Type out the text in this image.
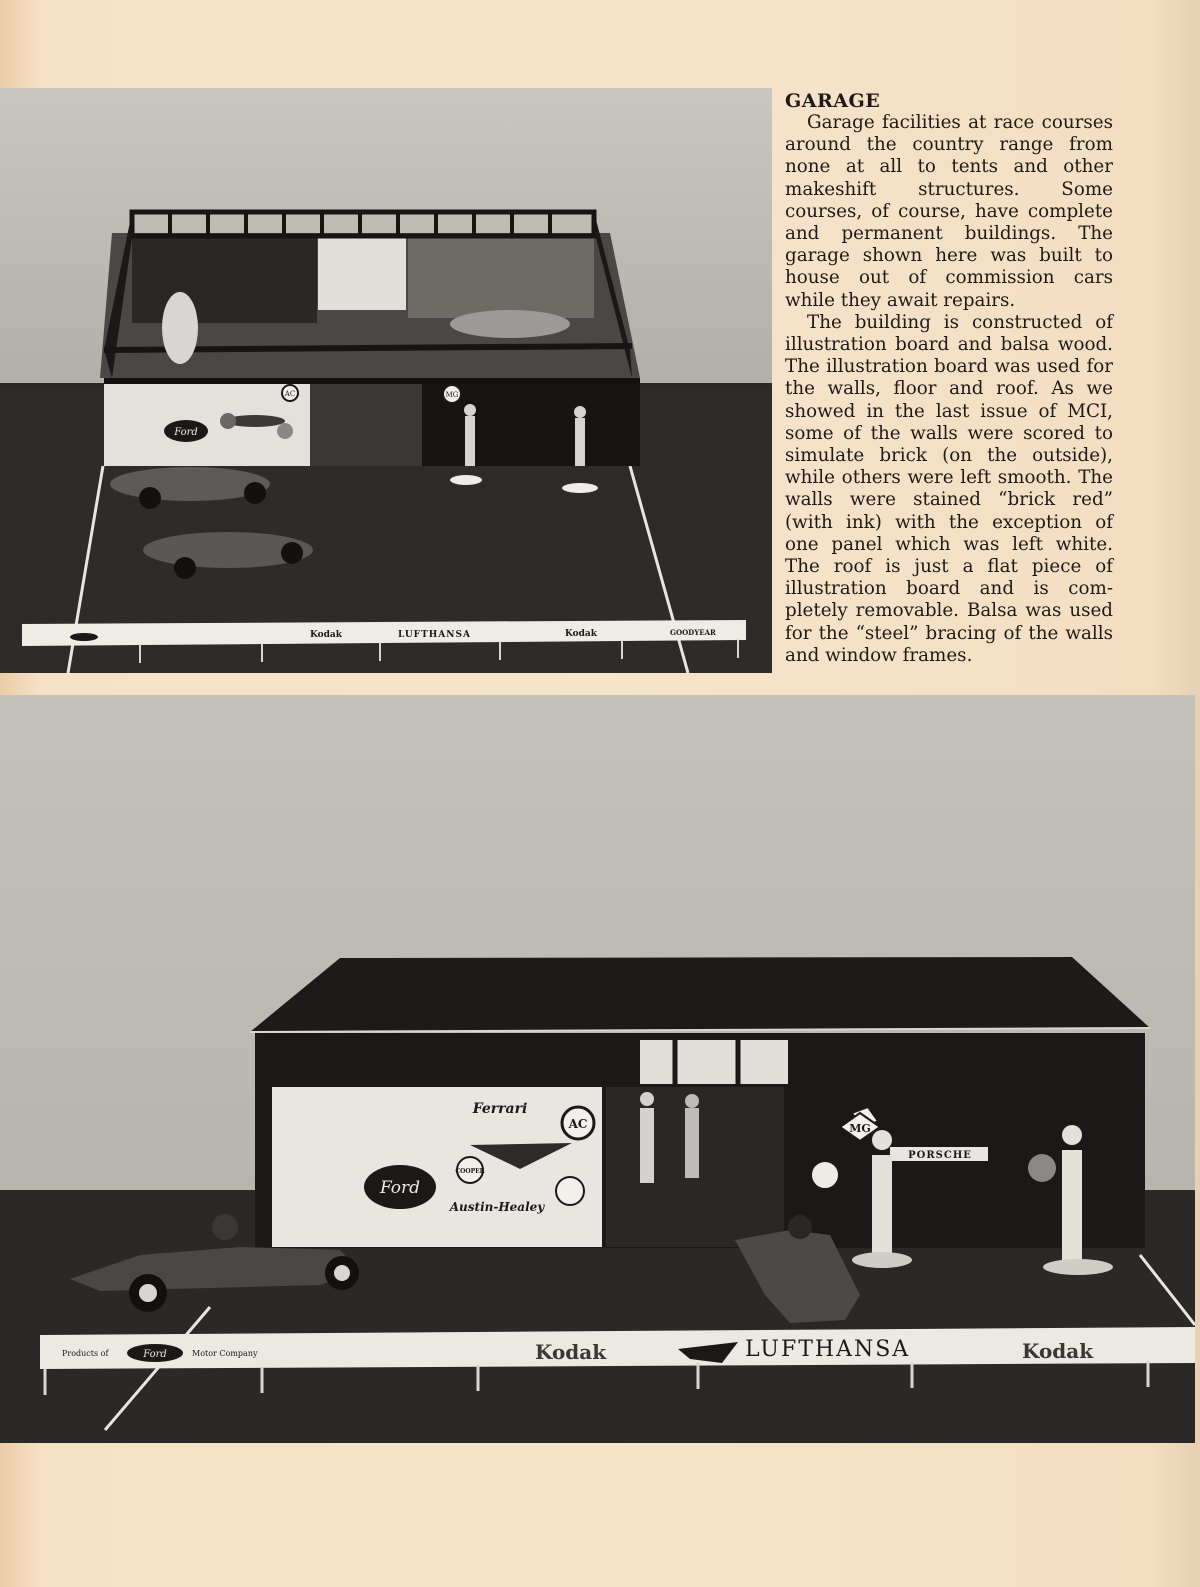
Ford
AC	MG
Kodak	LUFTHANSA	Kodak	GOODYEAR
GARAGE

Garage facilities at race courses around the country range from none at all to tents and other makeshift structures. Some courses, of course, have complete and permanent buildings. The garage shown here was built to house out of commission cars while they await repairs.

The building is constructed of illustration board and balsa wood. The illustration board was used for the walls, floor and roof. As we showed in the last issue of MCI, some of the walls were scored to simulate brick (on the outside), while others were left smooth. The walls were stained “brick red” (with ink) with the exception of one panel which was left white. The roof is just a flat piece of illustration board and is completely removable. Balsa was used for the “steel” bracing of the walls and window frames.

Ferrari
AC
Ford
COOPER
Austin-Healey
MG
PORSCHE
Products of	Ford	Motor Company	Kodak	LUFTHANSA	Kodak
